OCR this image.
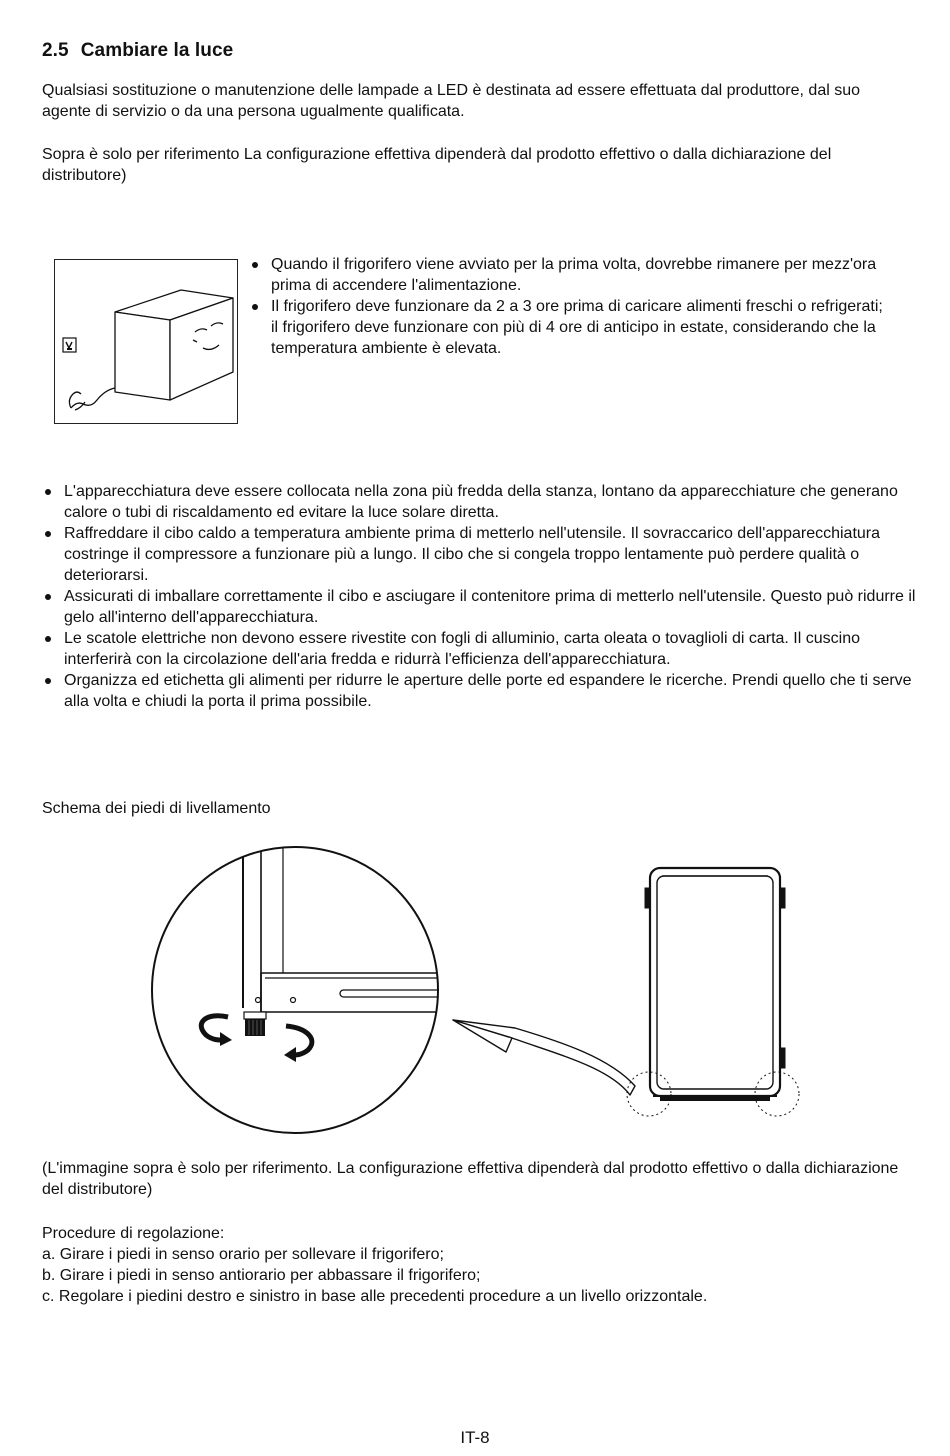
2.5 Cambiare la luce

Qualsiasi sostituzione o manutenzione delle lampade a LED è destinata ad essere effettuata dal produttore, dal suo agente di servizio o da una persona ugualmente qualificata.

Sopra è solo per riferimento La configurazione effettiva dipenderà dal prodotto effettivo o dalla dichiarazione del distributore)

Quando il frigorifero viene avviato per la prima volta, dovrebbe rimanere per mezz'ora prima di accendere l'alimentazione.
Il frigorifero deve funzionare da 2 a 3 ore prima di caricare alimenti freschi o refrigerati; il frigorifero deve funzionare con più di 4 ore di anticipo in estate, considerando che la temperatura ambiente è elevata.
L'apparecchiatura deve essere collocata nella zona più fredda della stanza, lontano da apparecchiature che generano calore o tubi di riscaldamento ed evitare la luce solare diretta.
Raffreddare il cibo caldo a temperatura ambiente prima di metterlo nell'utensile. Il sovraccarico dell'apparecchiatura costringe il compressore a funzionare più a lungo. Il cibo che si congela troppo lentamente può perdere qualità o deteriorarsi.
Assicurati di imballare correttamente il cibo e asciugare il contenitore prima di metterlo nell'utensile. Questo può ridurre il gelo all'interno dell'apparecchiatura.
Le scatole elettriche non devono essere rivestite con fogli di alluminio, carta oleata o tovaglioli di carta. Il cuscino interferirà con la circolazione dell'aria fredda e ridurrà l'efficienza dell'apparecchiatura.
Organizza ed etichetta gli alimenti per ridurre le aperture delle porte ed espandere le ricerche. Prendi quello che ti serve alla volta e chiudi la porta il prima possibile.

Schema dei piedi di livellamento

(L'immagine sopra è solo per riferimento. La configurazione effettiva dipenderà dal prodotto effettivo o dalla dichiarazione del distributore)

Procedure di regolazione:

a. Girare i piedi in senso orario per sollevare il frigorifero;
b. Girare i piedi in senso antiorario per abbassare il frigorifero;
c. Regolare i piedini destro e sinistro in base alle precedenti procedure a un livello orizzontale.
IT-8
